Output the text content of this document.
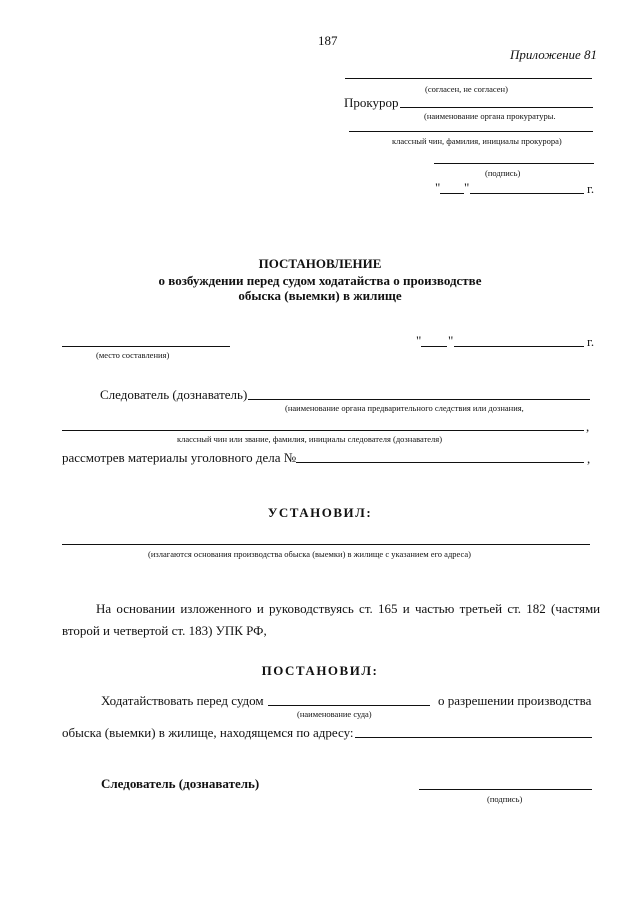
187
Приложение 81
(согласен, не согласен)
Прокурор
(наименование органа прокуратуры.
классный чин, фамилия, инициалы прокурора)
(подпись)
" "	г.
ПОСТАНОВЛЕНИЕ
о возбуждении перед судом ходатайства о производстве
обыска (выемки) в жилище
(место составления)
" "	г.
Следователь (дознаватель)
(наименование органа предварительного следствия или дознания,
,
классный чин или звание, фамилия, инициалы следователя (дознавателя)
рассмотрев материалы уголовного дела №	,
УСТАНОВИЛ:
(излагаются основания производства обыска (выемки) в жилище с указанием его адреса)
На основании изложенного и руководствуясь ст. 165 и частью третьей ст. 182 (частями
второй и четвертой ст. 183) УПК РФ,
ПОСТАНОВИЛ:
Ходатайствовать перед судом	о разрешении производства
(наименование суда)
обыска (выемки) в жилище, находящемся по адресу:
Следователь (дознаватель)
(подпись)
